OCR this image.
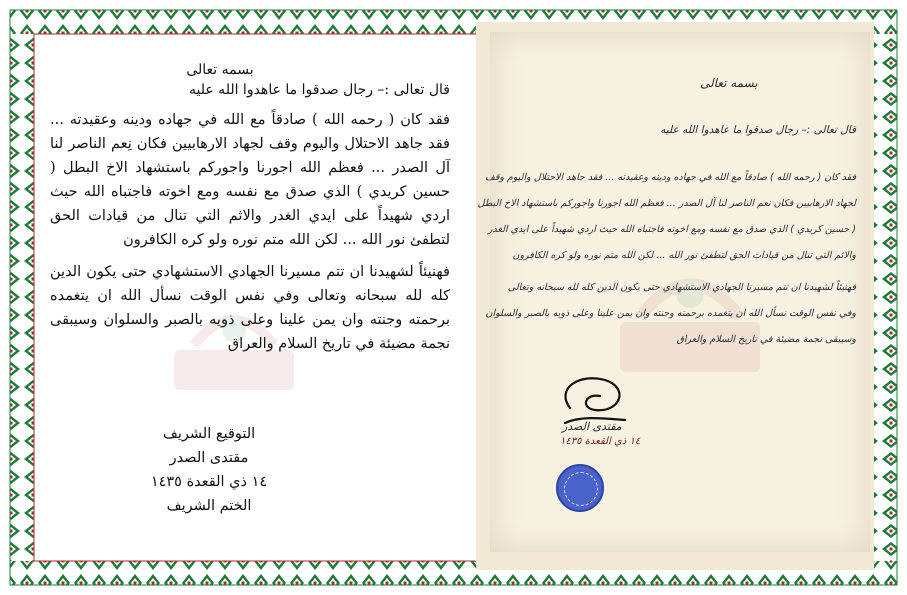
بسمه تعالى

قال تعالى :– رجال صدقوا ما عاهدوا الله عليه

فقد كان ( رحمه الله ) صادقاً مع الله في جهاده ودينه وعقيدته ... فقد جاهد الاحتلال واليوم وقف لجهاد الارهابيين فكان نِعم الناصر لنا آل الصدر ... فعظم الله اجورنا واجوركم باستشهاد الاخ البطل ( حسين كريدي ) الذي صدق مع نفسه ومع اخوته فاجتباه الله حيث اردي شهيداً على ايدي الغدر والاثم التي تنال من قيادات الحق لتطفئ نور الله ... لكن الله متم نوره ولو كره الكافرون

فهنيئاً لشهيدنا ان تتم مسيرنا الجهادي الاستشهادي حتى يكون الدين كله لله سبحانه وتعالى وفي نفس الوقت نسأل الله ان يتغمده برحمته وجنته وان يمن علينا وعلى ذويه بالصبر والسلوان وسيبقى نجمة مضيئة في تاريخ السلام والعراق

التوقيع الشريف
مقتدى الصدر
١٤ ذي القعدة ١٤٣٥
الختم الشريف
بسمه تعالى
قال تعالى :– رجال صدقوا ما عاهدوا الله عليه
فقد كان ( رحمه الله ) صادقاً مع الله في جهاده ودينه وعقيدته ... فقد جاهد الاحتلال واليوم وقف
لجهاد الارهابيين فكان نعم الناصر لنا آل الصدر ... فعظم الله اجورنا واجوركم باستشهاد الاخ البطل
( حسين كريدي ) الذي صدق مع نفسه ومع اخوته فاجتباه الله حيث اردي شهيداً على ايدي الغدر
والاثم التي تنال من قيادات الحق لتطفئ نور الله ... لكن الله متم نوره ولو كره الكافرون
فهنيئاً لشهيدنا ان تتم مسيرنا الجهادي الاستشهادي حتى يكون الدين كله لله سبحانه وتعالى
وفي نفس الوقت نسأل الله ان يتغمده برحمته وجنته وان يمن علينا وعلى ذويه بالصبر والسلوان
وسيبقى نجمة مضيئة في تاريخ السلام والعراق
مقتدى الصدر
١٤ ذي القعدة ١٤٣٥
